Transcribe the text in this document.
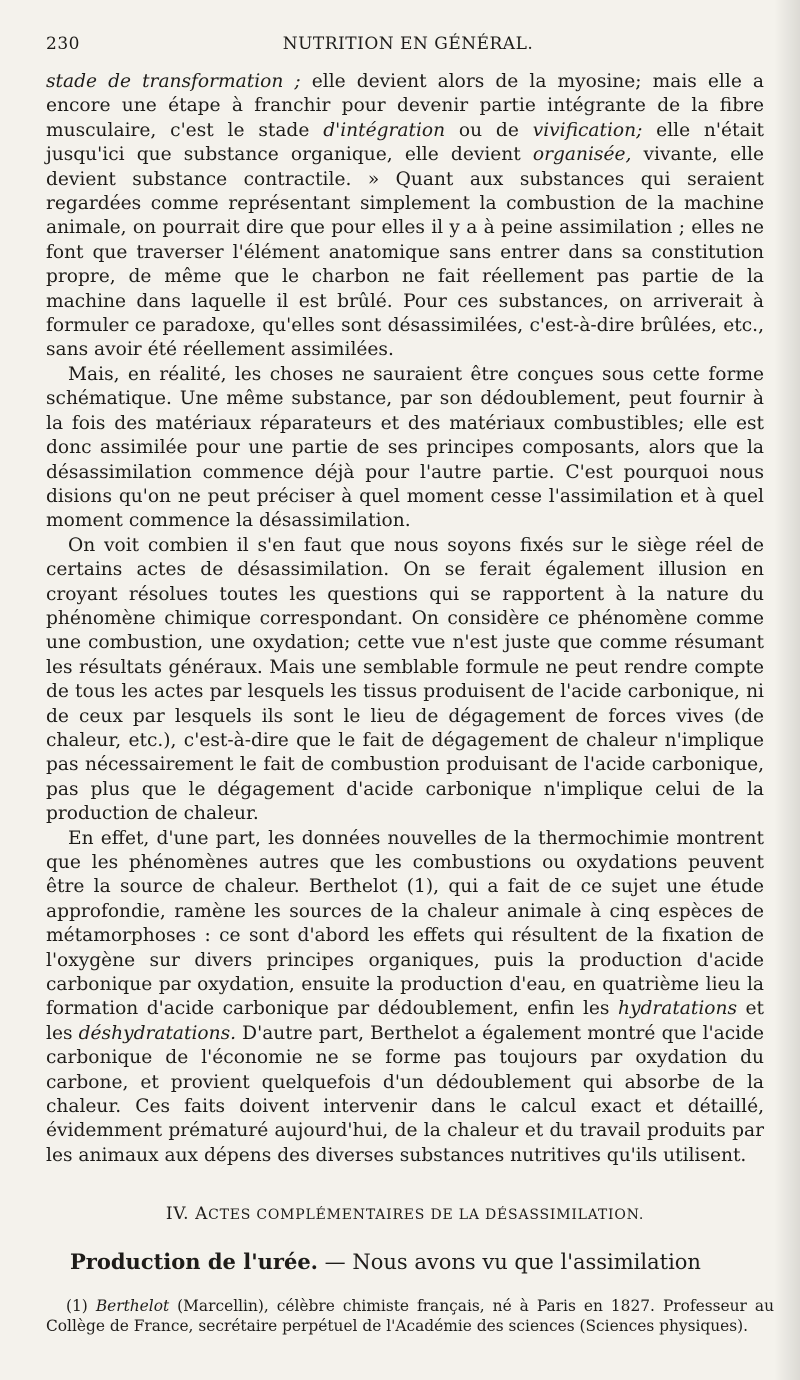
230	NUTRITION EN GÉNÉRAL.

stade de transformation ; elle devient alors de la myosine; mais elle a encore une étape à franchir pour devenir partie intégrante de la fibre musculaire, c'est le stade d'intégration ou de vivification; elle n'était jusqu'ici que substance organique, elle devient organisée, vivante, elle devient substance contractile. » Quant aux substances qui seraient regardées comme représentant simplement la combustion de la machine animale, on pourrait dire que pour elles il y a à peine assimilation ; elles ne font que traverser l'élément anatomique sans entrer dans sa constitution propre, de même que le charbon ne fait réellement pas partie de la machine dans laquelle il est brûlé. Pour ces substances, on arriverait à formuler ce paradoxe, qu'elles sont désassimilées, c'est-à-dire brûlées, etc., sans avoir été réellement assimilées.

Mais, en réalité, les choses ne sauraient être conçues sous cette forme schématique. Une même substance, par son dédoublement, peut fournir à la fois des matériaux réparateurs et des matériaux combustibles; elle est donc assimilée pour une partie de ses principes composants, alors que la désassimilation commence déjà pour l'autre partie. C'est pourquoi nous disions qu'on ne peut préciser à quel moment cesse l'assimilation et à quel moment commence la désassimilation.

On voit combien il s'en faut que nous soyons fixés sur le siège réel de certains actes de désassimilation. On se ferait également illusion en croyant résolues toutes les questions qui se rapportent à la nature du phénomène chimique correspondant. On considère ce phénomène comme une combustion, une oxydation; cette vue n'est juste que comme résumant les résultats généraux. Mais une semblable formule ne peut rendre compte de tous les actes par lesquels les tissus produisent de l'acide carbonique, ni de ceux par lesquels ils sont le lieu de dégagement de forces vives (de chaleur, etc.), c'est-à-dire que le fait de dégagement de chaleur n'implique pas nécessairement le fait de combustion produisant de l'acide carbonique, pas plus que le dégagement d'acide carbonique n'implique celui de la production de chaleur.

En effet, d'une part, les données nouvelles de la thermochimie montrent que les phénomènes autres que les combustions ou oxydations peuvent être la source de chaleur. Berthelot (1), qui a fait de ce sujet une étude approfondie, ramène les sources de la chaleur animale à cinq espèces de métamorphoses : ce sont d'abord les effets qui résultent de la fixation de l'oxygène sur divers principes organiques, puis la production d'acide carbonique par oxydation, ensuite la production d'eau, en quatrième lieu la formation d'acide carbonique par dédoublement, enfin les hydratations et les déshydratations. D'autre part, Berthelot a également montré que l'acide carbonique de l'économie ne se forme pas toujours par oxydation du carbone, et provient quelquefois d'un dédoublement qui absorbe de la chaleur. Ces faits doivent intervenir dans le calcul exact et détaillé, évidemment prématuré aujourd'hui, de la chaleur et du travail produits par les animaux aux dépens des diverses substances nutritives qu'ils utilisent.

IV. ACTES COMPLÉMENTAIRES DE LA DÉSASSIMILATION.
Production de l'urée. — Nous avons vu que l'assimilation
(1) Berthelot (Marcellin), célèbre chimiste français, né à Paris en 1827. Professeur au Collège de France, secrétaire perpétuel de l'Académie des sciences (Sciences physiques).
